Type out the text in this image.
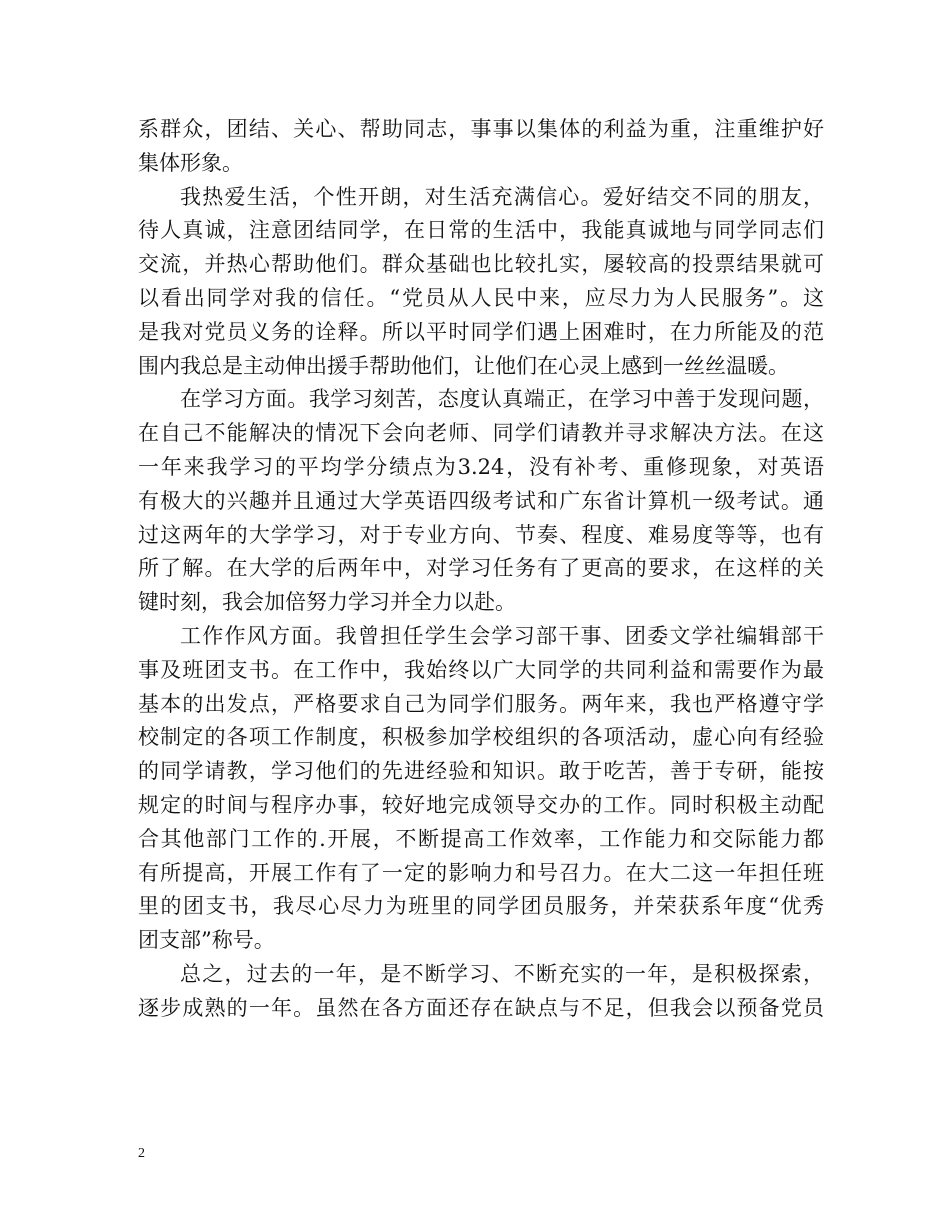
系群众，团结、关心、帮助同志，事事以集体的利益为重，注重维护好
集体形象。
我热爱生活，个性开朗，对生活充满信心。爱好结交不同的朋友，
待人真诚，注意团结同学，在日常的生活中，我能真诚地与同学同志们
交流，并热心帮助他们。群众基础也比较扎实，屡较高的投票结果就可
以看出同学对我的信任。“党员从人民中来，应尽力为人民服务”。这
是我对党员义务的诠释。所以平时同学们遇上困难时，在力所能及的范
围内我总是主动伸出援手帮助他们，让他们在心灵上感到一丝丝温暖。
在学习方面。我学习刻苦，态度认真端正，在学习中善于发现问题，
在自己不能解决的情况下会向老师、同学们请教并寻求解决方法。在这
一年来我学习的平均学分绩点为3.24，没有补考、重修现象，对英语
有极大的兴趣并且通过大学英语四级考试和广东省计算机一级考试。通
过这两年的大学学习，对于专业方向、节奏、程度、难易度等等，也有
所了解。在大学的后两年中，对学习任务有了更高的要求，在这样的关
键时刻，我会加倍努力学习并全力以赴。
工作作风方面。我曾担任学生会学习部干事、团委文学社编辑部干
事及班团支书。在工作中，我始终以广大同学的共同利益和需要作为最
基本的出发点，严格要求自己为同学们服务。两年来，我也严格遵守学
校制定的各项工作制度，积极参加学校组织的各项活动，虚心向有经验
的同学请教，学习他们的先进经验和知识。敢于吃苦，善于专研，能按
规定的时间与程序办事，较好地完成领导交办的工作。同时积极主动配
合其他部门工作的.开展，不断提高工作效率，工作能力和交际能力都
有所提高，开展工作有了一定的影响力和号召力。在大二这一年担任班
里的团支书，我尽心尽力为班里的同学团员服务，并荣获系年度“优秀
团支部”称号。
总之，过去的一年，是不断学习、不断充实的一年，是积极探索，
逐步成熟的一年。虽然在各方面还存在缺点与不足，但我会以预备党员
2
